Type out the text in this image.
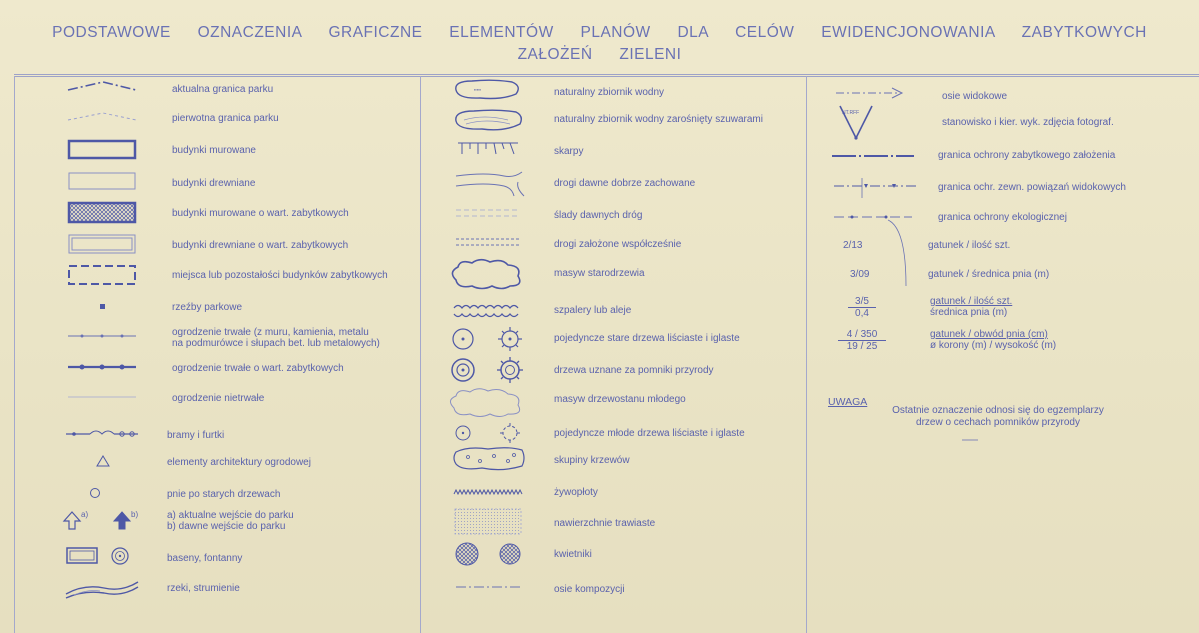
PODSTAWOWE OZNACZENIA GRAFICZNE ELEMENTÓW PLANÓW DLA CELÓW EWIDENCJONOWANIA ZABYTKOWYCH
ZAŁOŻEŃ ZIELENI
aktualna granica parku
pierwotna granica parku
budynki murowane
budynki drewniane
budynki murowane o wart. zabytkowych
budynki drewniane o wart. zabytkowych
miejsca lub pozostałości budynków zabytkowych
rzeźby parkowe
ogrodzenie trwałe (z muru, kamienia, metalu
na podmurówce i słupach bet. lub metalowych)
ogrodzenie trwałe o wart. zabytkowych
ogrodzenie nietrwałe
bramy i furtki
elementy architektury ogrodowej
pnie po starych drzewach
a)	b)	a) aktualne wejście do parku
b) dawne wejście do parku
baseny, fontanny
rzeki, strumienie
▪▪▪▪▪	naturalny zbiornik wodny
naturalny zbiornik wodny zarośnięty szuwarami
skarpy
drogi dawne dobrze zachowane
ślady dawnych dróg
drogi założone współcześnie
masyw starodrzewia
szpalery lub aleje
pojedyncze stare drzewa liściaste i iglaste
drzewa uznane za pomniki przyrody
masyw drzewostanu młodego
pojedyncze młode drzewa liściaste i iglaste
skupiny krzewów
żywopłoty
nawierzchnie trawiaste
kwietniki
osie kompozycji
osie widokowe
NT.RFF
stanowisko i kier. wyk. zdjęcia fotograf.
granica ochrony zabytkowego założenia
granica ochr. zewn. powiązań widokowych
granica ochrony ekologicznej
2/13	gatunek / ilość szt.
3/09	gatunek / średnica pnia (m)
$\frac{3/5}{0,4}$	gatunek / ilość szt.
średnica pnia (m)
$\frac{4 / 350}{19 / 25}$	gatunek / obwód pnia (cm)
ø korony (m) / wysokość (m)
UWAGA
Ostatnie oznaczenie odnosi się do egzemplarzy drzew o cechach pomników przyrody
